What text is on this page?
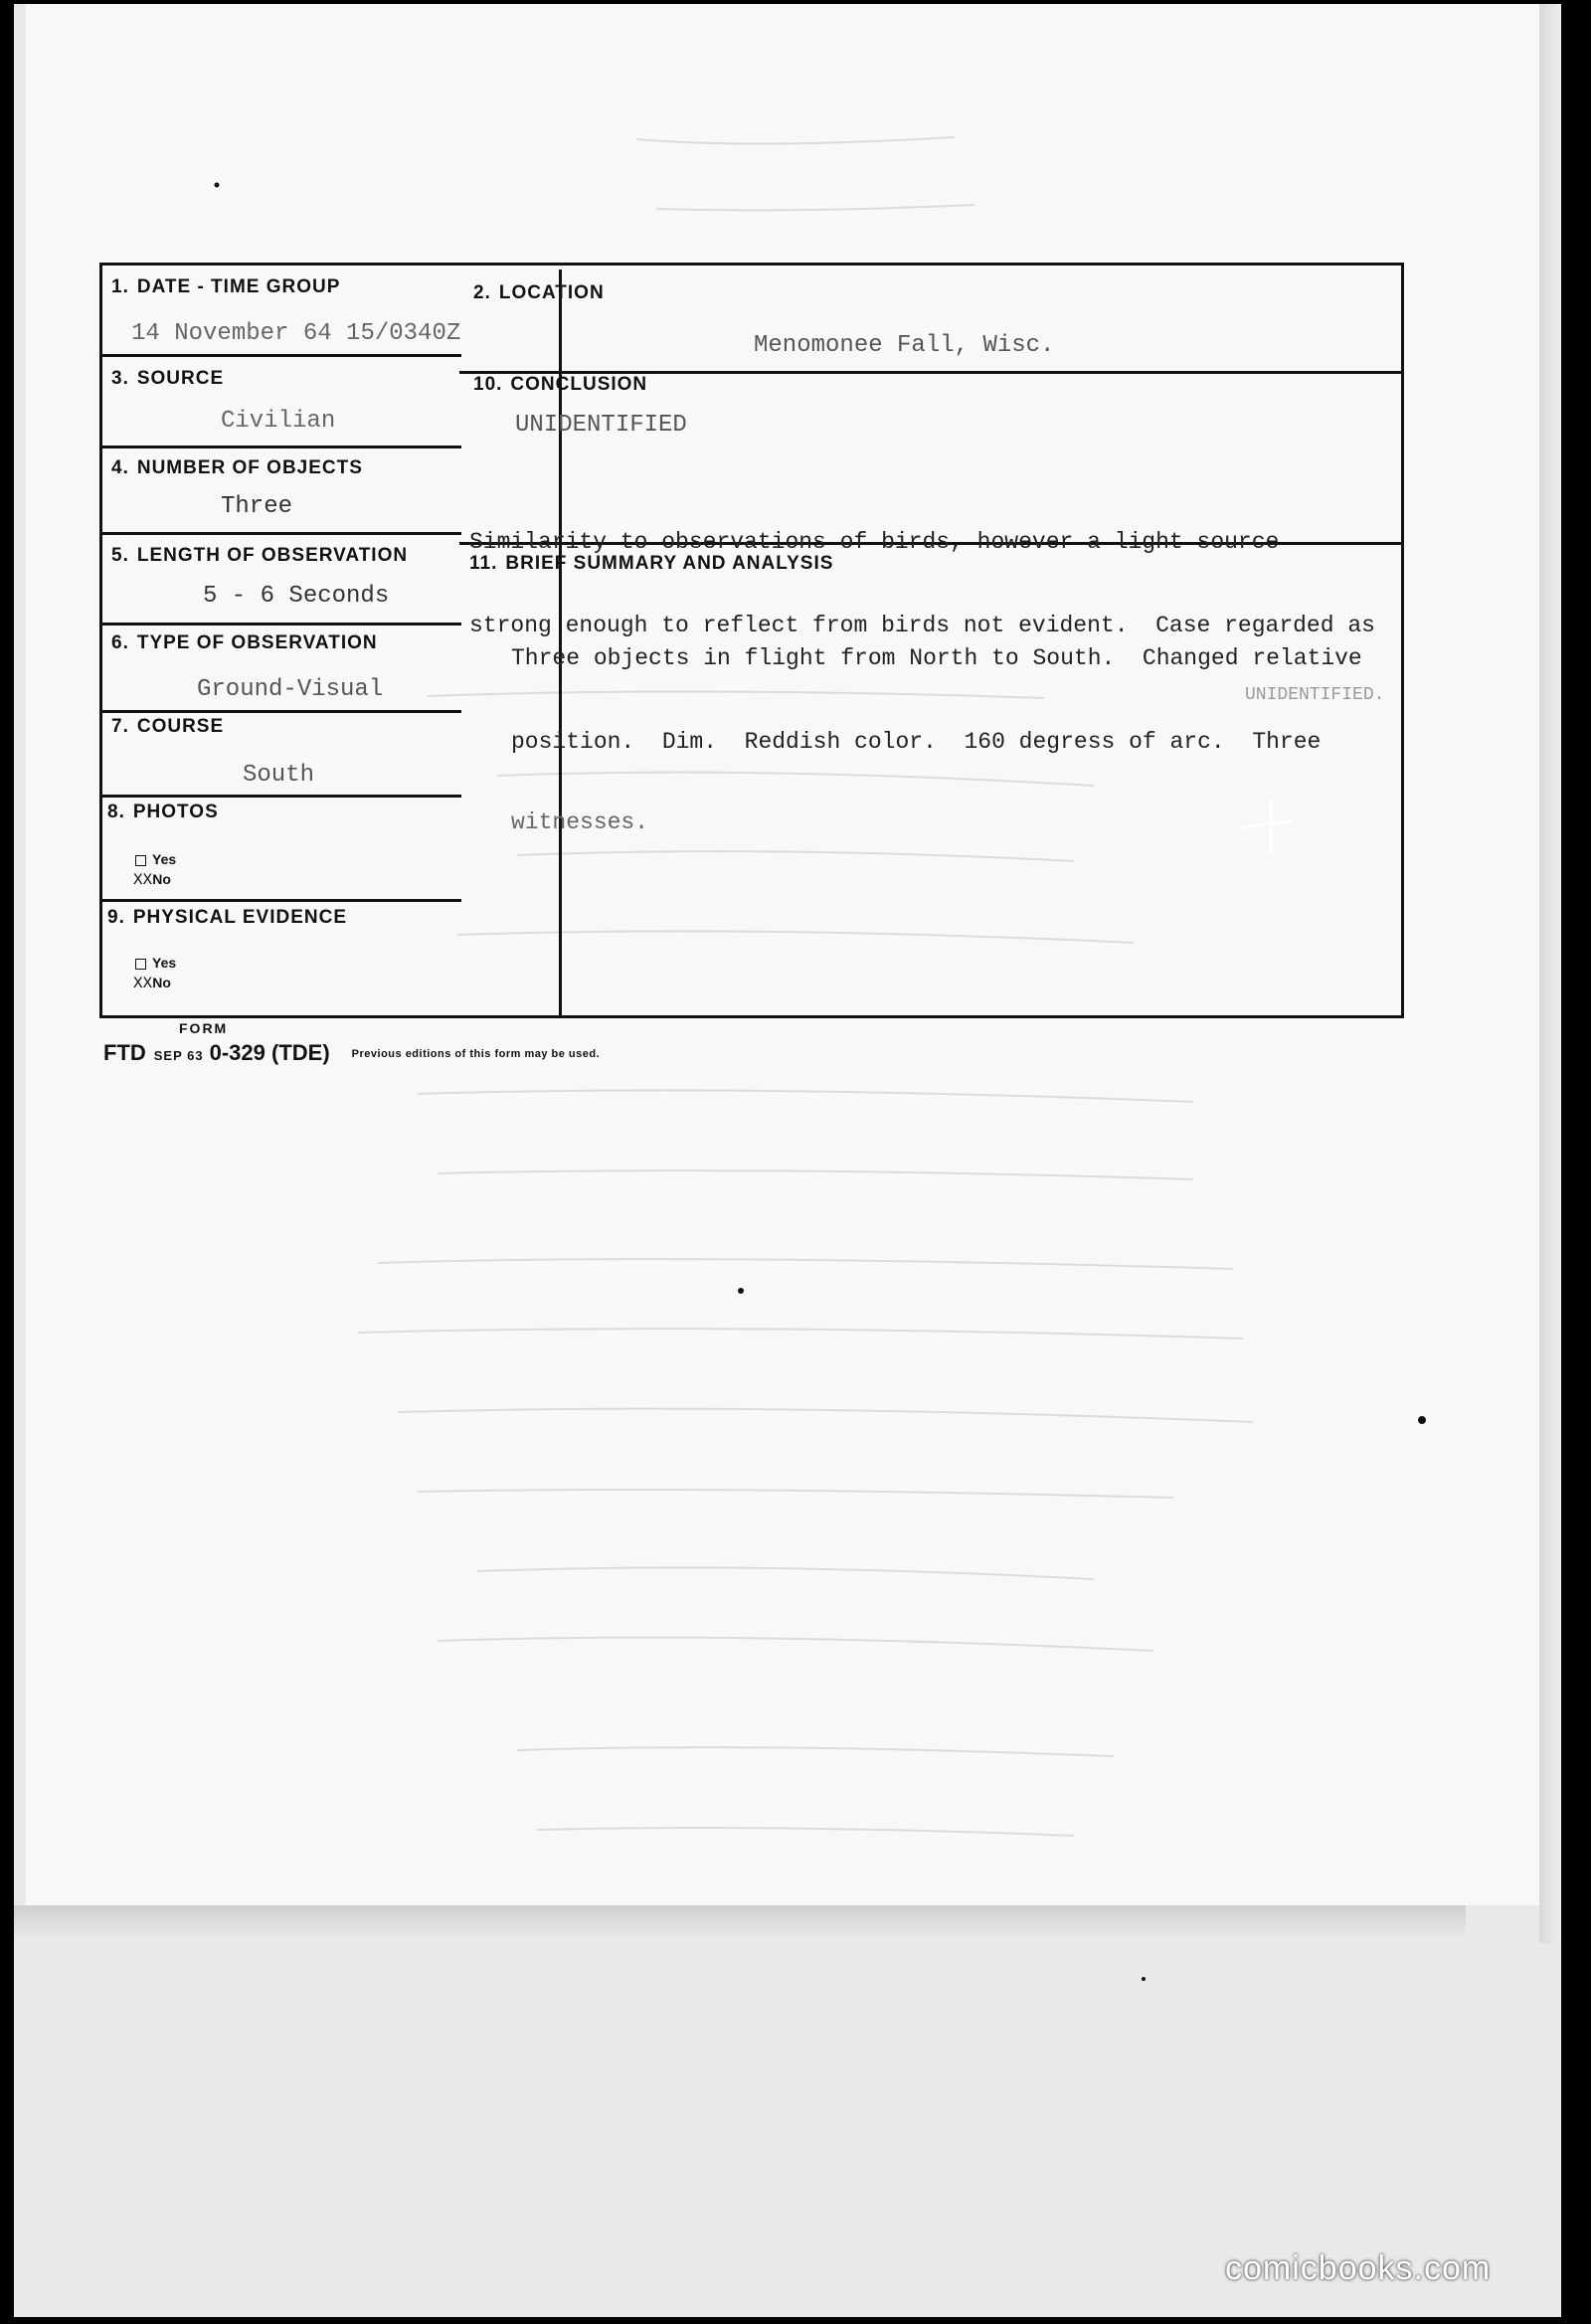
1. DATE - TIME GROUP
14 November 64 15/0340Z
2. LOCATION
Menomonee Fall, Wisc.
3. SOURCE
Civilian
4. NUMBER OF OBJECTS
Three
5. LENGTH OF OBSERVATION
5 - 6 Seconds
6. TYPE OF OBSERVATION
Ground-Visual
7. COURSE
South
8. PHOTOS
Yes
XXNo
9. PHYSICAL EVIDENCE
Yes
XXNo
10. CONCLUSION
UNIDENTIFIED

Similarity to observations of birds, however a light source

strong enough to reflect from birds not evident.  Case regarded as

UNIDENTIFIED.

11. BRIEF SUMMARY AND ANALYSIS

Three objects in flight from North to South.  Changed relative

position.  Dim.  Reddish color.  160 degress of arc.  Three

witnesses.

FORM
FTD SEP 63 0-329 (TDE) Previous editions of this form may be used.
comicbooks.com
